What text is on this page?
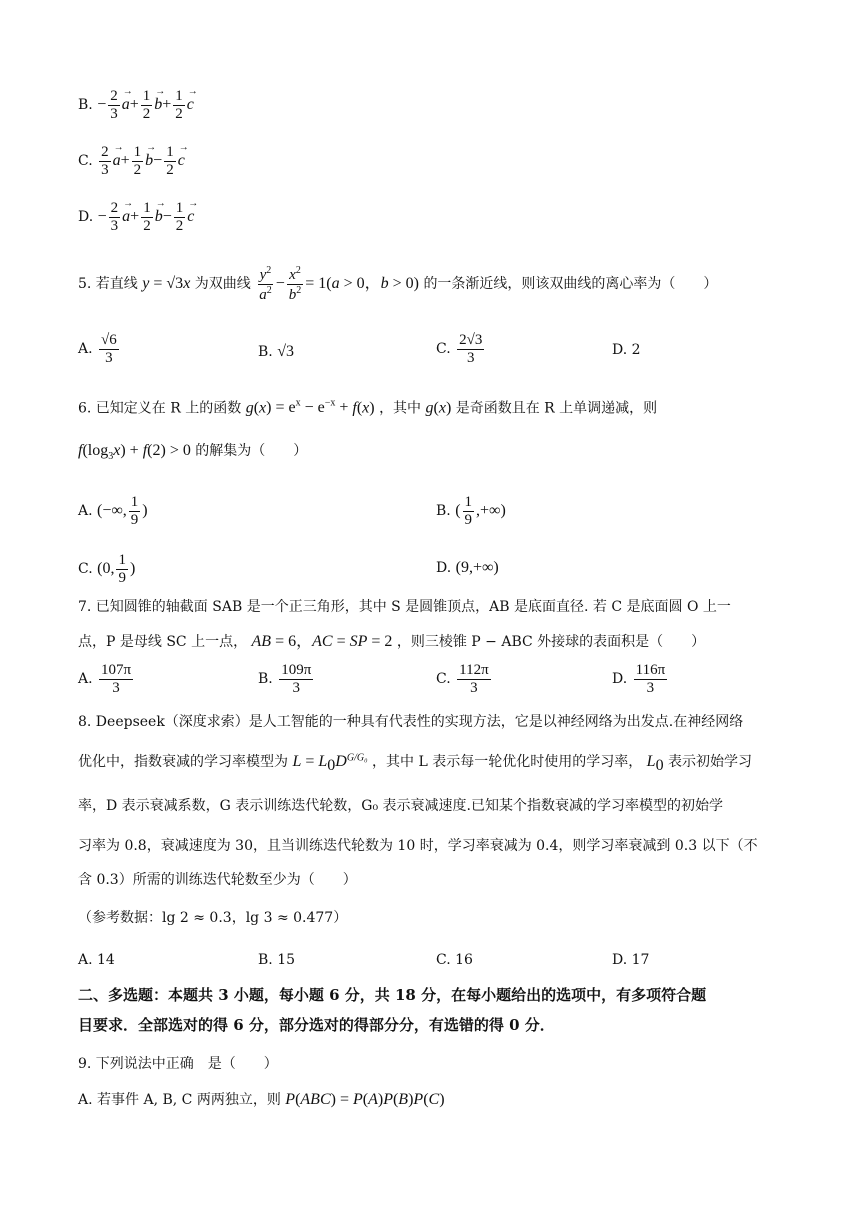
B. − $\frac{2}{3}$
→ $a+ \frac{1}{2}$
→ $b+ \frac{1}{2}$
→ c
C. $\frac{2}{3}$
→ $a+ \frac{1}{2}$
→ $b- \frac{1}{2}$
→ c
D. − $\frac{2}{3}$
→ $a+ \frac{1}{2}$
→ $b- \frac{1}{2}$
→ c
5. 若直线 y = √3x 为双曲线 $\frac{y^2}{a^2} - \frac{x^2}{b^2} = 1(a > 0$，b > 0) 的一条渐近线，则该双曲线的离心率为（　　）
A. $\frac{√6}{3}$	B. √3	C. $\frac{2√3}{3}$	D. 2
6. 已知定义在 R 上的函数 $g(x) = e^x - e^{-x} + f(x)$ ，其中 g(x) 是奇函数且在 R 上单调递减，则
$f(\log_3x) + f(2) > 0$ 的解集为（　　）
A. (−∞, $\frac{1}{9}$ )	B. ( $\frac{1}{9}$ ,+∞)
C. (0, $\frac{1}{9}$ )	D. (9,+∞)
7. 已知圆锥的轴截面 SAB 是一个正三角形，其中 S 是圆锥顶点，AB 是底面直径. 若 C 是底面圆 O 上一
点，P 是母线 SC 上一点， AB = 6，AC = SP = 2 ，则三棱锥 P − ABC 外接球的表面积是（　　）
A. $\frac{107\pi}{3}$	B. $\frac{109\pi}{3}$	C. $\frac{112\pi}{3}$	D. $\frac{116\pi}{3}$
8. Deepseek（深度求索）是人工智能的一种具有代表性的实现方法，它是以神经网络为出发点.在神经网络
优化中，指数衰减的学习率模型为 $L = L_0D^{G/G_0}$ ，其中 L 表示每一轮优化时使用的学习率， $L_0$ 表示初始学习
率，D 表示衰减系数，G 表示训练迭代轮数，G₀ 表示衰减速度.已知某个指数衰减的学习率模型的初始学
习率为 0.8，衰减速度为 30，且当训练迭代轮数为 10 时，学习率衰减为 0.4，则学习率衰减到 0.3 以下（不
含 0.3）所需的训练迭代轮数至少为（　　）
（参考数据：lg 2 ≈ 0.3，lg 3 ≈ 0.477）
A. 14	B. 15	C. 16	D. 17
二、多选题：本题共 3 小题，每小题 6 分，共 18 分，在每小题给出的选项中，有多项符合题
目要求．全部选对的得 6 分，部分选对的得部分分，有选错的得 0 分．
9. 下列说法中正确　是（　　）
A. 若事件 A, B, C 两两独立，则 P(ABC) = P(A)P(B)P(C)
